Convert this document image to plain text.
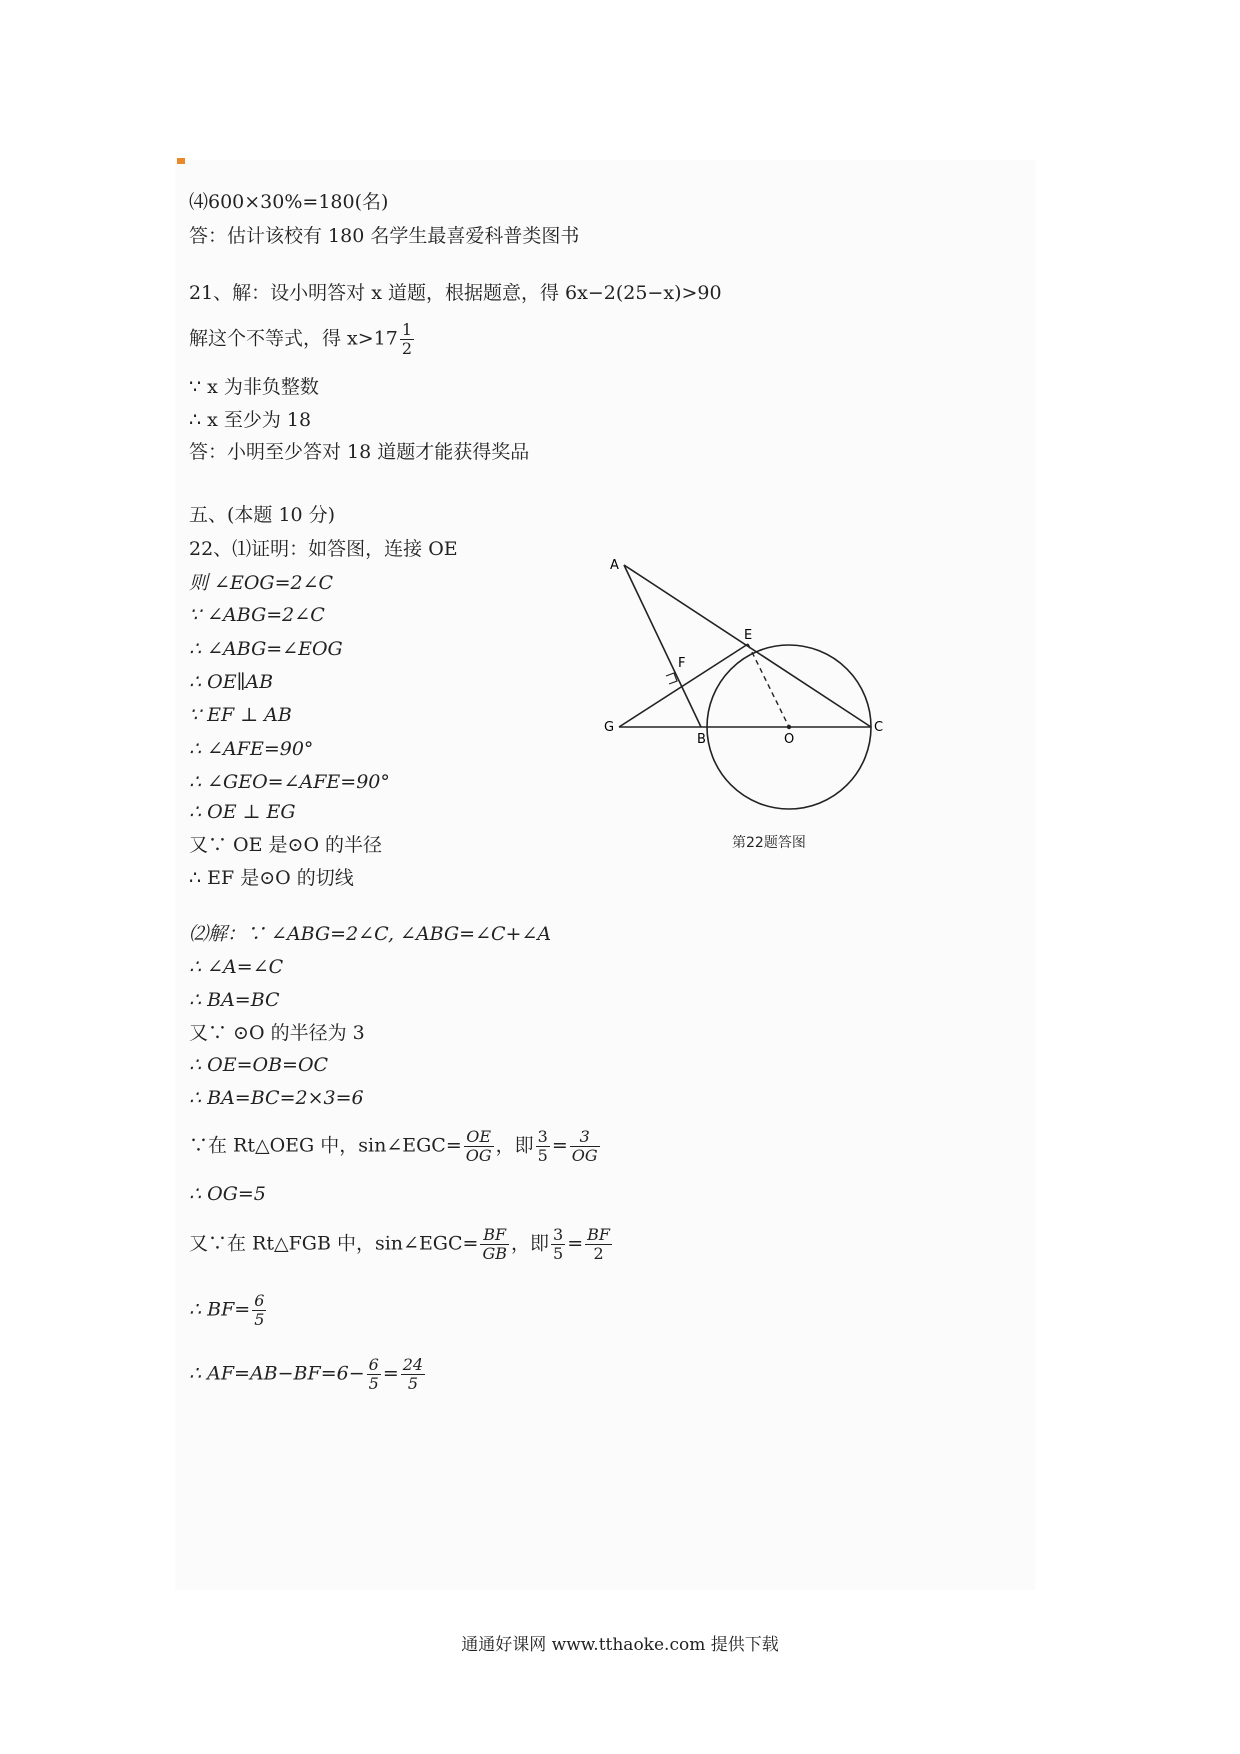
⑷600×30%=180(名)
答：估计该校有 180 名学生最喜爱科普类图书
21、解：设小明答对 x 道题，根据题意，得 6x−2(25−x)>90
解这个不等式，得 $x>17 \frac{1}{2}$
∵ x 为非负整数
∴ x 至少为 18
答：小明至少答对 18 道题才能获得奖品
五、(本题 10 分)
22、⑴证明：如答图，连接 OE
则 ∠EOG=2∠C
∵ ∠ABG=2∠C
∴ ∠ABG=∠EOG
∴ OE∥AB
∵ EF ⊥ AB
∴ ∠AFE=90°
∴ ∠GEO=∠AFE=90°
∴ OE ⊥ EG
又∵ OE 是⊙O 的半径
∴ EF 是⊙O 的切线
A
E
F
G
B	O
C
第22题答图
⑵解：∵ ∠ABG=2∠C, ∠ABG=∠C+∠A
∴ ∠A=∠C
∴ BA=BC
又∵ ⊙O 的半径为 3
∴ OE=OB=OC
∴ BA=BC=2×3=6
∵在 Rt△OEG 中，sin∠EGC= $\frac{OE}{OG}$ ，即 $\frac{3}{5} = \frac{3}{OG}$
∴ OG=5
又∵在 Rt△FGB 中，sin∠EGC= $\frac{BF}{GB}$ ，即 $\frac{3}{5} = \frac{BF}{2}$
∴ $BF= \frac{6}{5}$
∴ $AF=AB-BF=6- \frac{6}{5} = \frac{24}{5}$
通通好课网 www.tthaoke.com 提供下载
